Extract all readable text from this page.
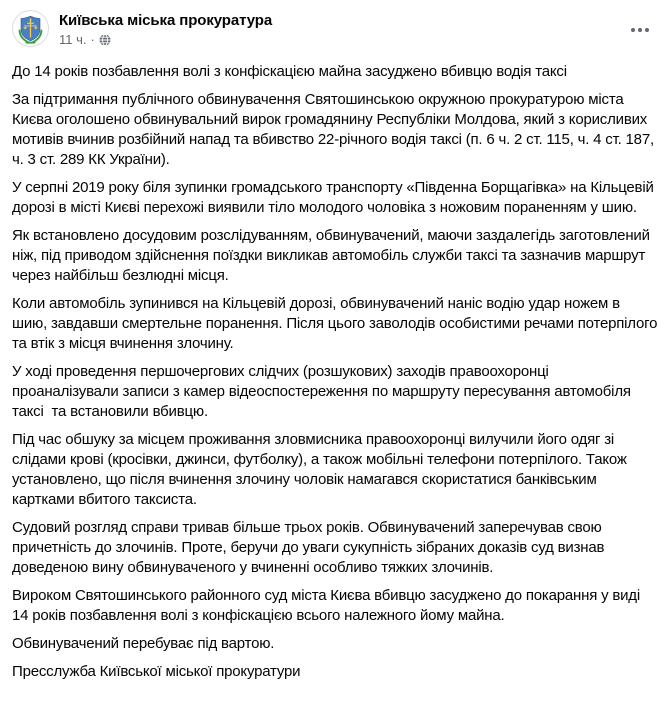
Київська міська прокуратура
11 ч. ·

До 14 років позбавлення волі з конфіскацією майна засуджено вбивцю водія таксі

За підтримання публічного обвинувачення Святошинською окружною прокуратурою міста Києва оголошено обвинувальний вирок громадянину Республіки Молдова, який з корисливих мотивів вчинив розбійний напад та вбивство 22-річного водія таксі (п. 6 ч. 2 ст. 115, ч. 4 ст. 187, ч. 3 ст. 289 КК України).

У серпні 2019 року біля зупинки громадського транспорту «Південна Борщагівка» на Кільцевій дорозі в місті Києві перехожі виявили тіло молодого чоловіка з ножовим пораненням у шию.

Як встановлено досудовим розслідуванням, обвинувачений, маючи заздалегідь заготовлений ніж, під приводом здійснення поїздки викликав автомобіль служби таксі та зазначив маршрут через найбільш безлюдні місця.

Коли автомобіль зупинився на Кільцевій дорозі, обвинувачений наніс водію удар ножем в шию, завдавши смертельне поранення. Після цього заволодів особистими речами потерпілого та втік з місця вчинення злочину.

У ході проведення першочергових слідчих (розшукових) заходів правоохоронці проаналізували записи з камер відеоспостереження по маршруту пересування автомобіля таксі  та встановили вбивцю.

Під час обшуку за місцем проживання зловмисника правоохоронці вилучили його одяг зі слідами крові (кросівки, джинси, футболку), а також мобільні телефони потерпілого. Також установлено, що після вчинення злочину чоловік намагався скористатися банківським картками вбитого таксиста.

Судовий розгляд справи тривав більше трьох років. Обвинувачений заперечував свою причетність до злочинів. Проте, беручи до уваги сукупність зібраних доказів суд визнав доведеною вину обвинуваченого у вчиненні особливо тяжких злочинів.

Вироком Святошинського районного суд міста Києва вбивцю засуджено до покарання у виді 14 років позбавлення волі з конфіскацією всього належного йому майна.

Обвинувачений перебуває під вартою.

Пресслужба Київської міської прокуратури
